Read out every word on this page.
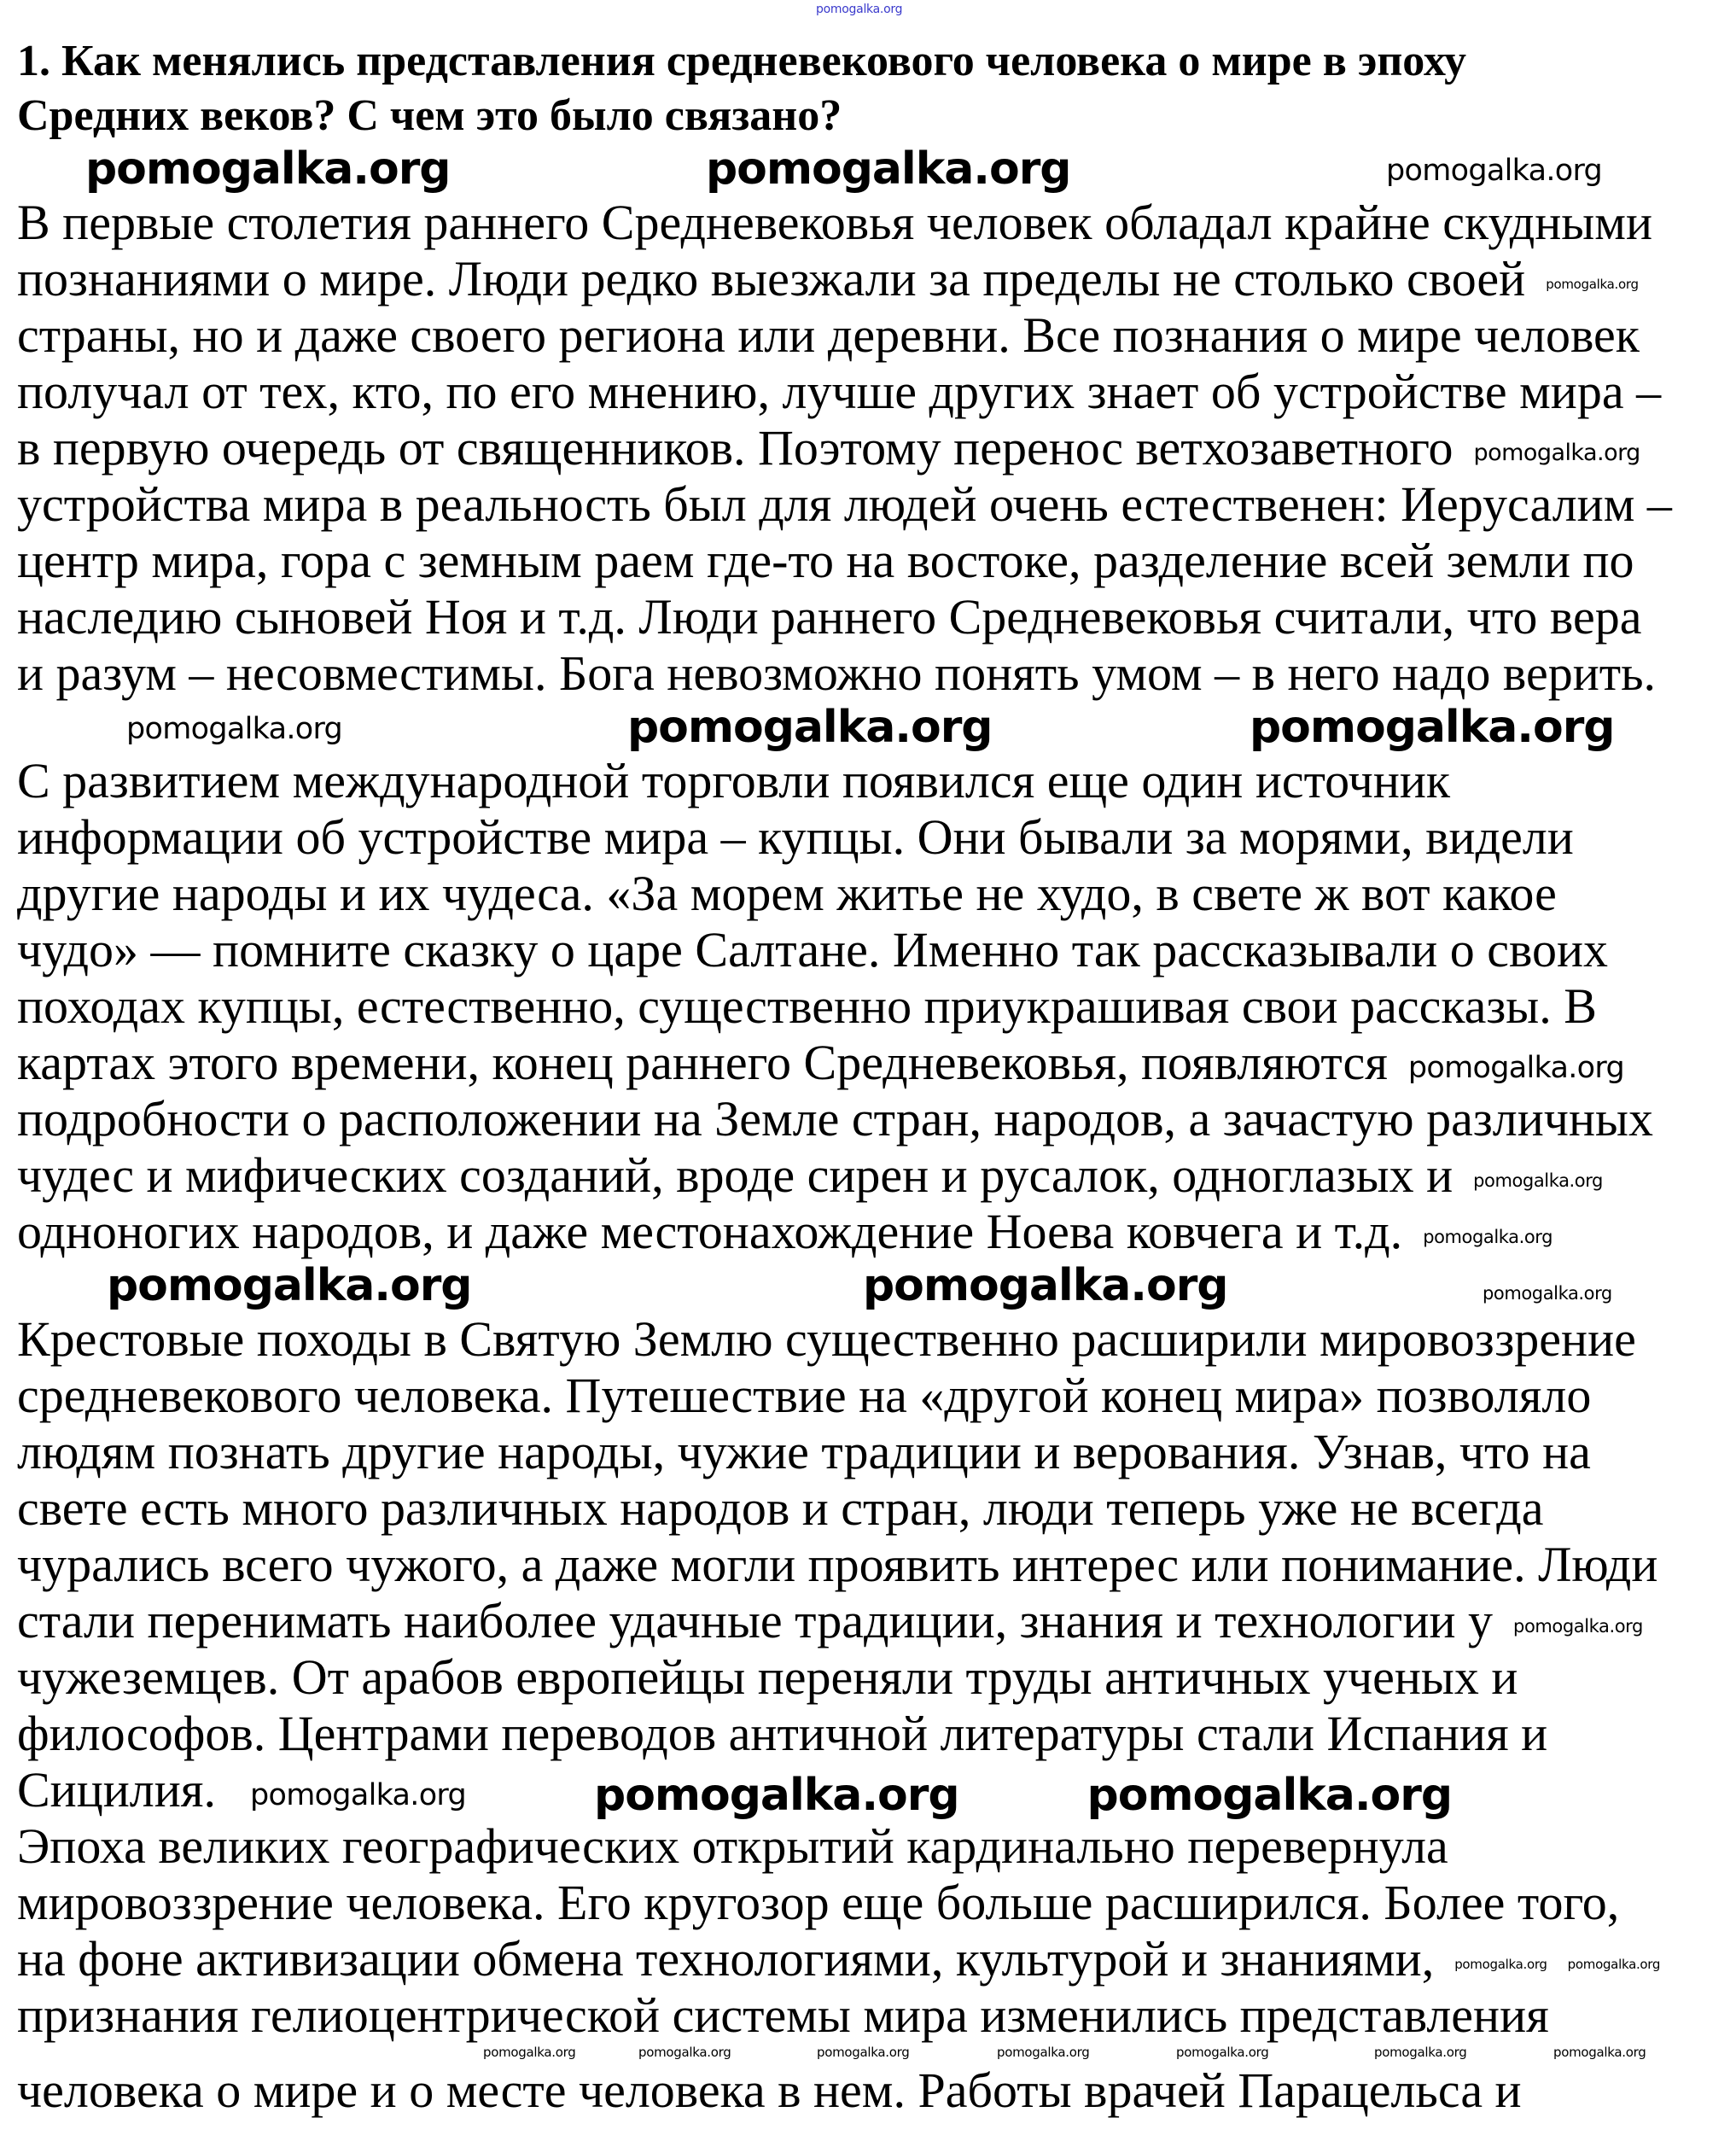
pomogalka.org
1. Как менялись представления средневекового человека о мире в эпоху
Средних веков? С чем это было связано?
pomogalka.org	pomogalka.org	pomogalka.org
В первые столетия раннего Средневековья человек обладал крайне скудными
познаниями о мире. Люди редко выезжали за пределы не столько своей pomogalka.org
страны, но и даже своего региона или деревни. Все познания о мире человек
получал от тех, кто, по его мнению, лучше других знает об устройстве мира –
в первую очередь от священников. Поэтому перенос ветхозаветного pomogalka.org
устройства мира в реальность был для людей очень естественен: Иерусалим –
центр мира, гора с земным раем где-то на востоке, разделение всей земли по
наследию сыновей Ноя и т.д. Люди раннего Средневековья считали, что вера
и разум – несовместимы. Бога невозможно понять умом – в него надо верить.
pomogalka.org	pomogalka.org	pomogalka.org
С развитием международной торговли появился еще один источник
информации об устройстве мира – купцы. Они бывали за морями, видели
другие народы и их чудеса. «За морем житье не худо, в свете ж вот какое
чудо» — помните сказку о царе Салтане. Именно так рассказывали о своих
походах купцы, естественно, существенно приукрашивая свои рассказы. В
картах этого времени, конец раннего Средневековья, появляются pomogalka.org
подробности о расположении на Земле стран, народов, а зачастую различных
чудес и мифических созданий, вроде сирен и русалок, одноглазых и pomogalka.org
одноногих народов, и даже местонахождение Ноева ковчега и т.д. pomogalka.org
pomogalka.org	pomogalka.org	pomogalka.org
Крестовые походы в Святую Землю существенно расширили мировоззрение
средневекового человека. Путешествие на «другой конец мира» позволяло
людям познать другие народы, чужие традиции и верования. Узнав, что на
свете есть много различных народов и стран, люди теперь уже не всегда
чурались всего чужого, а даже могли проявить интерес или понимание. Люди
стали перенимать наиболее удачные традиции, знания и технологии у pomogalka.org
чужеземцев. От арабов европейцы переняли труды античных ученых и
философов. Центрами переводов античной литературы стали Испания и
Сицилия. pomogalka.org	pomogalka.org	pomogalka.org
Эпоха великих географических открытий кардинально перевернула
мировоззрение человека. Его кругозор еще больше расширился. Более того,
на фоне активизации обмена технологиями, культурой и знаниями, pomogalka.org pomogalka.org
признания гелиоцентрической системы мира изменились представления
pomogalka.org	pomogalka.org	pomogalka.org	pomogalka.org	pomogalka.org	pomogalka.org	pomogalka.org
человека о мире и о месте человека в нем. Работы врачей Парацельса и
